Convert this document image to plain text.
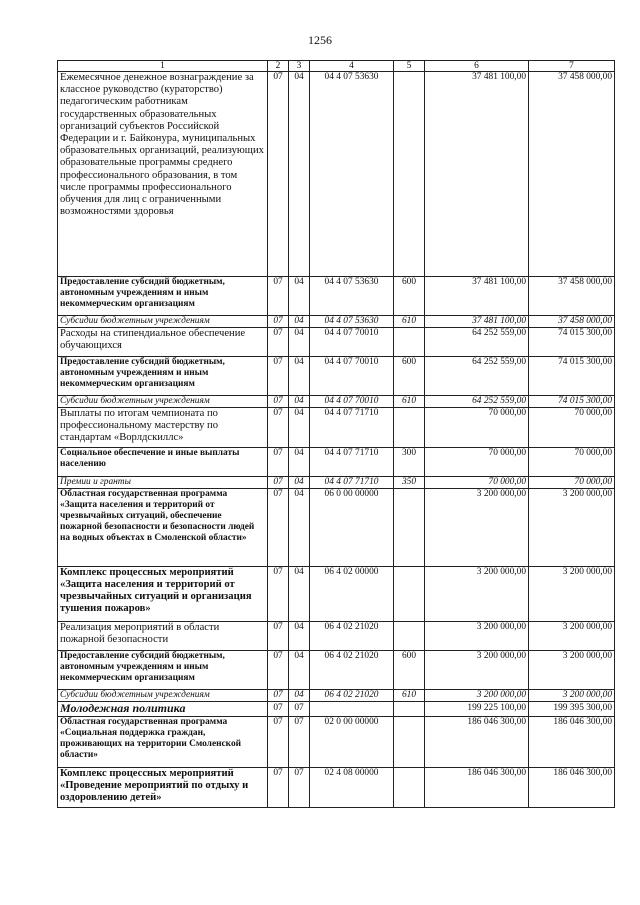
1256
1	2	3	4	5	6	7
Ежемесячное денежное вознаграждение за классное руководство (кураторство) педагогическим работникам государственных образовательных организаций субъектов Российской Федерации и г. Байконура, муниципальных образовательных организаций, реализующих образовательные программы среднего профессионального образования, в том числе программы профессионального обучения для лиц с ограниченными возможностями здоровья	07	04	04 4 07 53630		37 481 100,00	37 458 000,00
Предоставление субсидий бюджетным, автономным учреждениям и иным некоммерческим организациям	07	04	04 4 07 53630	600	37 481 100,00	37 458 000,00
Субсидии бюджетным учреждениям	07	04	04 4 07 53630	610	37 481 100,00	37 458 000,00
Расходы на стипендиальное обеспечение обучающихся	07	04	04 4 07 70010		64 252 559,00	74 015 300,00
Предоставление субсидий бюджетным, автономным учреждениям и иным некоммерческим организациям	07	04	04 4 07 70010	600	64 252 559,00	74 015 300,00
Субсидии бюджетным учреждениям	07	04	04 4 07 70010	610	64 252 559,00	74 015 300,00
Выплаты по итогам чемпионата по профессиональному мастерству по стандартам «Ворлдскиллс»	07	04	04 4 07 71710		70 000,00	70 000,00
Социальное обеспечение и иные выплаты населению	07	04	04 4 07 71710	300	70 000,00	70 000,00
Премии и гранты	07	04	04 4 07 71710	350	70 000,00	70 000,00
Областная государственная программа «Защита населения и территорий от чрезвычайных ситуаций, обеспечение пожарной безопасности и безопасности людей на водных объектах в Смоленской области»	07	04	06 0 00 00000		3 200 000,00	3 200 000,00
Комплекс процессных мероприятий «Защита населения и территорий от чрезвычайных ситуаций и организация тушения пожаров»	07	04	06 4 02 00000		3 200 000,00	3 200 000,00
Реализация мероприятий в области пожарной безопасности	07	04	06 4 02 21020		3 200 000,00	3 200 000,00
Предоставление субсидий бюджетным, автономным учреждениям и иным некоммерческим организациям	07	04	06 4 02 21020	600	3 200 000,00	3 200 000,00
Субсидии бюджетным учреждениям	07	04	06 4 02 21020	610	3 200 000,00	3 200 000,00
Молодежная политика	07	07			199 225 100,00	199 395 300,00
Областная государственная программа «Социальная поддержка граждан, проживающих на территории Смоленской области»	07	07	02 0 00 00000		186 046 300,00	186 046 300,00
Комплекс процессных мероприятий «Проведение мероприятий по отдыху и оздоровлению детей»	07	07	02 4 08 00000		186 046 300,00	186 046 300,00
